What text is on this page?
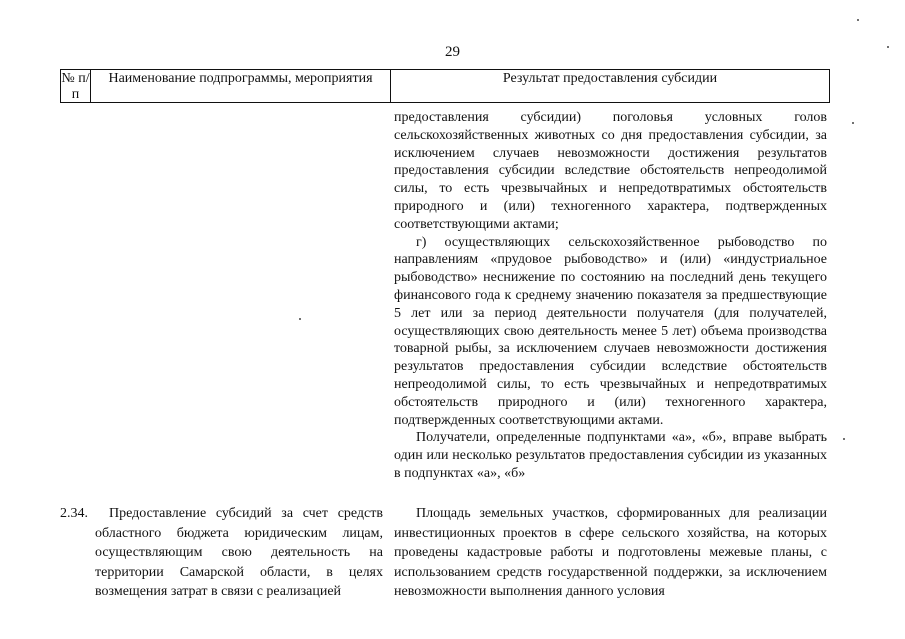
29
№ п/п
Наименование подпрограммы, мероприятия	Результат предоставления субсидии

предоставления субсидии) поголовья условных голов сельскохозяйственных животных со дня предоставления субсидии, за исключением случаев невозможности достижения результатов предоставления субсидии вследствие обстоятельств непреодолимой силы, то есть чрезвычайных и непредотвратимых обстоятельств природного и (или) техногенного характера, подтвержденных соответствующими актами;

г) осуществляющих сельскохозяйственное рыбоводство по направлениям «прудовое рыбоводство» и (или) «индустриальное рыбоводство» неснижение по состоянию на последний день текущего финансового года к среднему значению показателя за предшествующие 5 лет или за период деятельности получателя (для получателей, осуществляющих свою деятельность менее 5 лет) объема производства товарной рыбы, за исключением случаев невозможности достижения результатов предоставления субсидии вследствие обстоятельств непреодолимой силы, то есть чрезвычайных и непредотвратимых обстоятельств природного и (или) техногенного характера, подтвержденных соответствующими актами.

Получатели, определенные подпунктами «а», «б», вправе выбрать один или несколько результатов предоставления субсидии из указанных в подпунктах «а», «б»

2.34.	Предоставление субсидий за счет средств областного бюджета юридическим лицам, осуществляющим свою деятельность на территории Самарской области, в целях возмещения затрат в связи с реализацией

Площадь земельных участков, сформированных для реализации инвестиционных проектов в сфере сельского хозяйства, на которых проведены кадастровые работы и подготовлены межевые планы, с использованием средств государственной поддержки, за исключением невозможности выполнения данного условия
